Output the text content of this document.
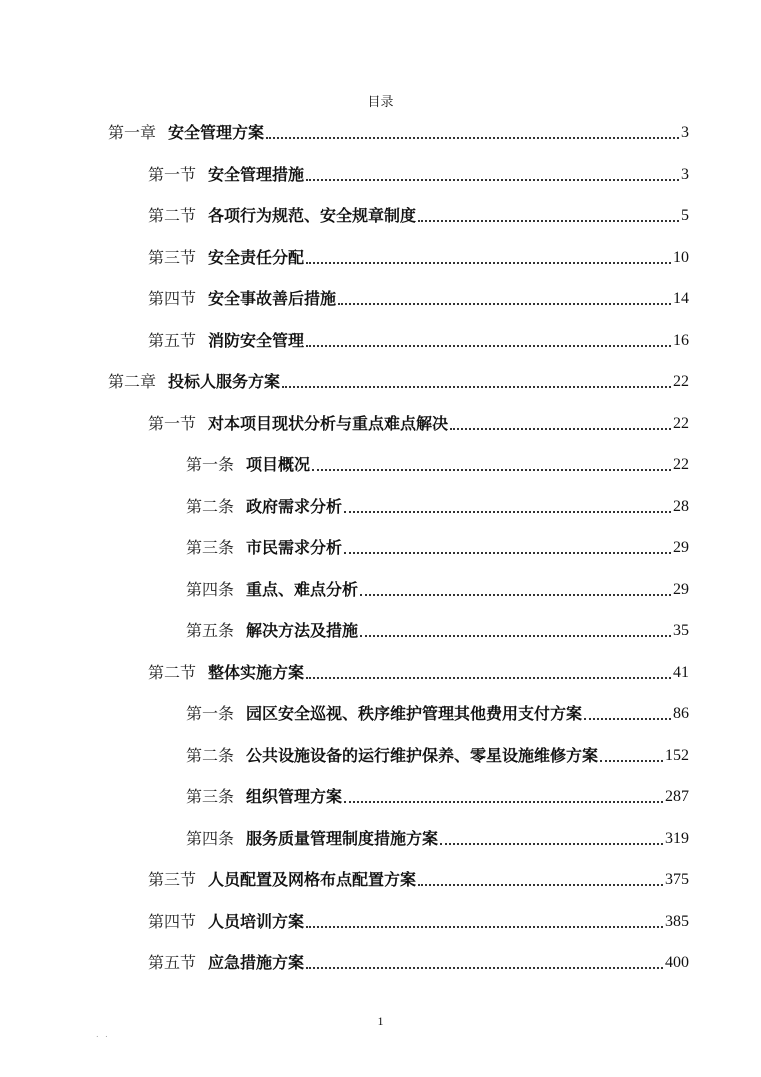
目录
第一章 安全管理方案	3
第一节 安全管理措施	3
第二节 各项行为规范、安全规章制度	5
第三节 安全责任分配	10
第四节 安全事故善后措施	14
第五节 消防安全管理	16
第二章 投标人服务方案	22
第一节 对本项目现状分析与重点难点解决	22
第一条 项目概况	22
第二条 政府需求分析	28
第三条 市民需求分析	29
第四条 重点、难点分析	29
第五条 解决方法及措施	35
第二节 整体实施方案	41
第一条 园区安全巡视、秩序维护管理其他费用支付方案	86
第二条 公共设施设备的运行维护保养、零星设施维修方案	152
第三条 组织管理方案	287
第四条 服务质量管理制度措施方案	319
第三节 人员配置及网格布点配置方案	375
第四节 人员培训方案	385
第五节 应急措施方案	400
1
. .
